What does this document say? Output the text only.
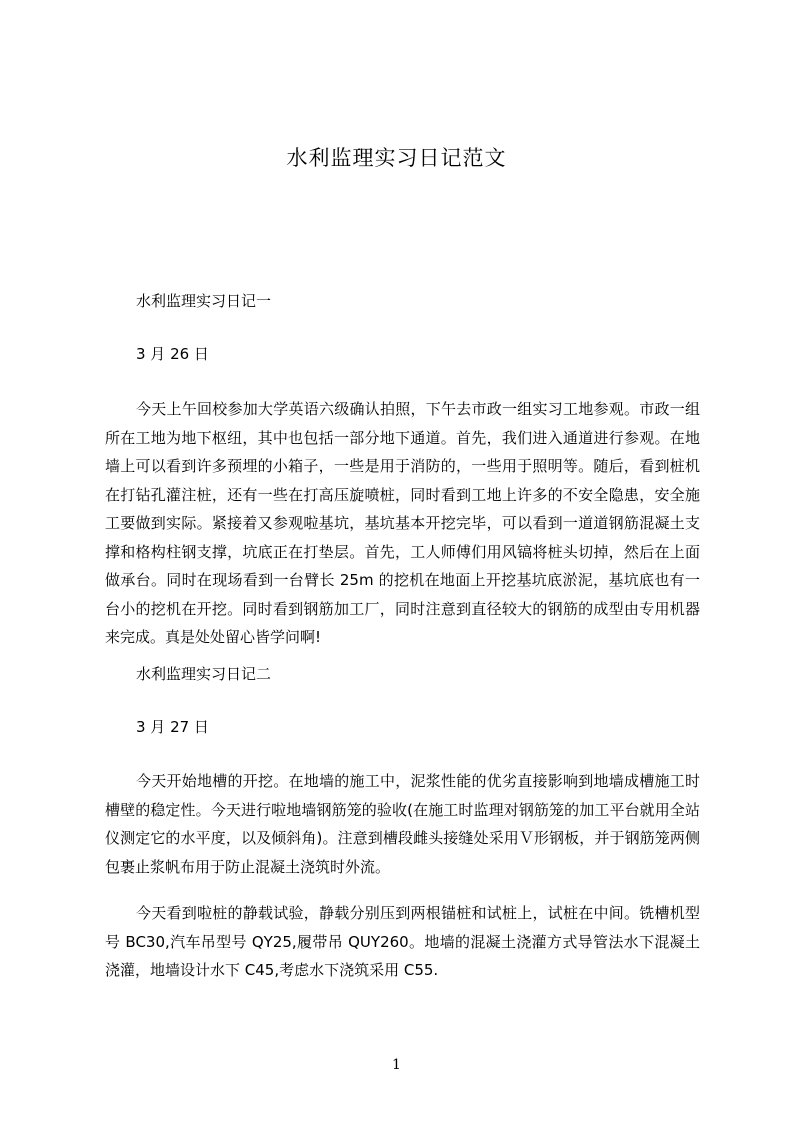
水利监理实习日记范文

水利监理实习日记一

3 月 26 日

今天上午回校参加大学英语六级确认拍照，下午去市政一组实习工地参观。市政一组所在工地为地下枢纽，其中也包括一部分地下通道。首先，我们进入通道进行参观。在地墙上可以看到许多预埋的小箱子，一些是用于消防的，一些用于照明等。随后，看到桩机在打钻孔灌注桩，还有一些在打高压旋喷桩，同时看到工地上许多的不安全隐患，安全施工要做到实际。紧接着又参观啦基坑，基坑基本开挖完毕，可以看到一道道钢筋混凝土支撑和格构柱钢支撑，坑底正在打垫层。首先，工人师傅们用风镐将桩头切掉，然后在上面做承台。同时在现场看到一台臂长 25m 的挖机在地面上开挖基坑底淤泥，基坑底也有一台小的挖机在开挖。同时看到钢筋加工厂，同时注意到直径较大的钢筋的成型由专用机器来完成。真是处处留心皆学问啊!

水利监理实习日记二

3 月 27 日

今天开始地槽的开挖。在地墙的施工中，泥浆性能的优劣直接影响到地墙成槽施工时槽壁的稳定性。今天进行啦地墙钢筋笼的验收(在施工时监理对钢筋笼的加工平台就用全站仪测定它的水平度，以及倾斜角)。注意到槽段雌头接缝处采用Ｖ形钢板，并于钢筋笼两侧包裹止浆帆布用于防止混凝土浇筑时外流。

今天看到啦桩的静载试验，静载分别压到两根锚桩和试桩上，试桩在中间。铣槽机型号 BC30,汽车吊型号 QY25,履带吊 QUY260。地墙的混凝土浇灌方式导管法水下混凝土浇灌，地墙设计水下 C45,考虑水下浇筑采用 C55.

1
